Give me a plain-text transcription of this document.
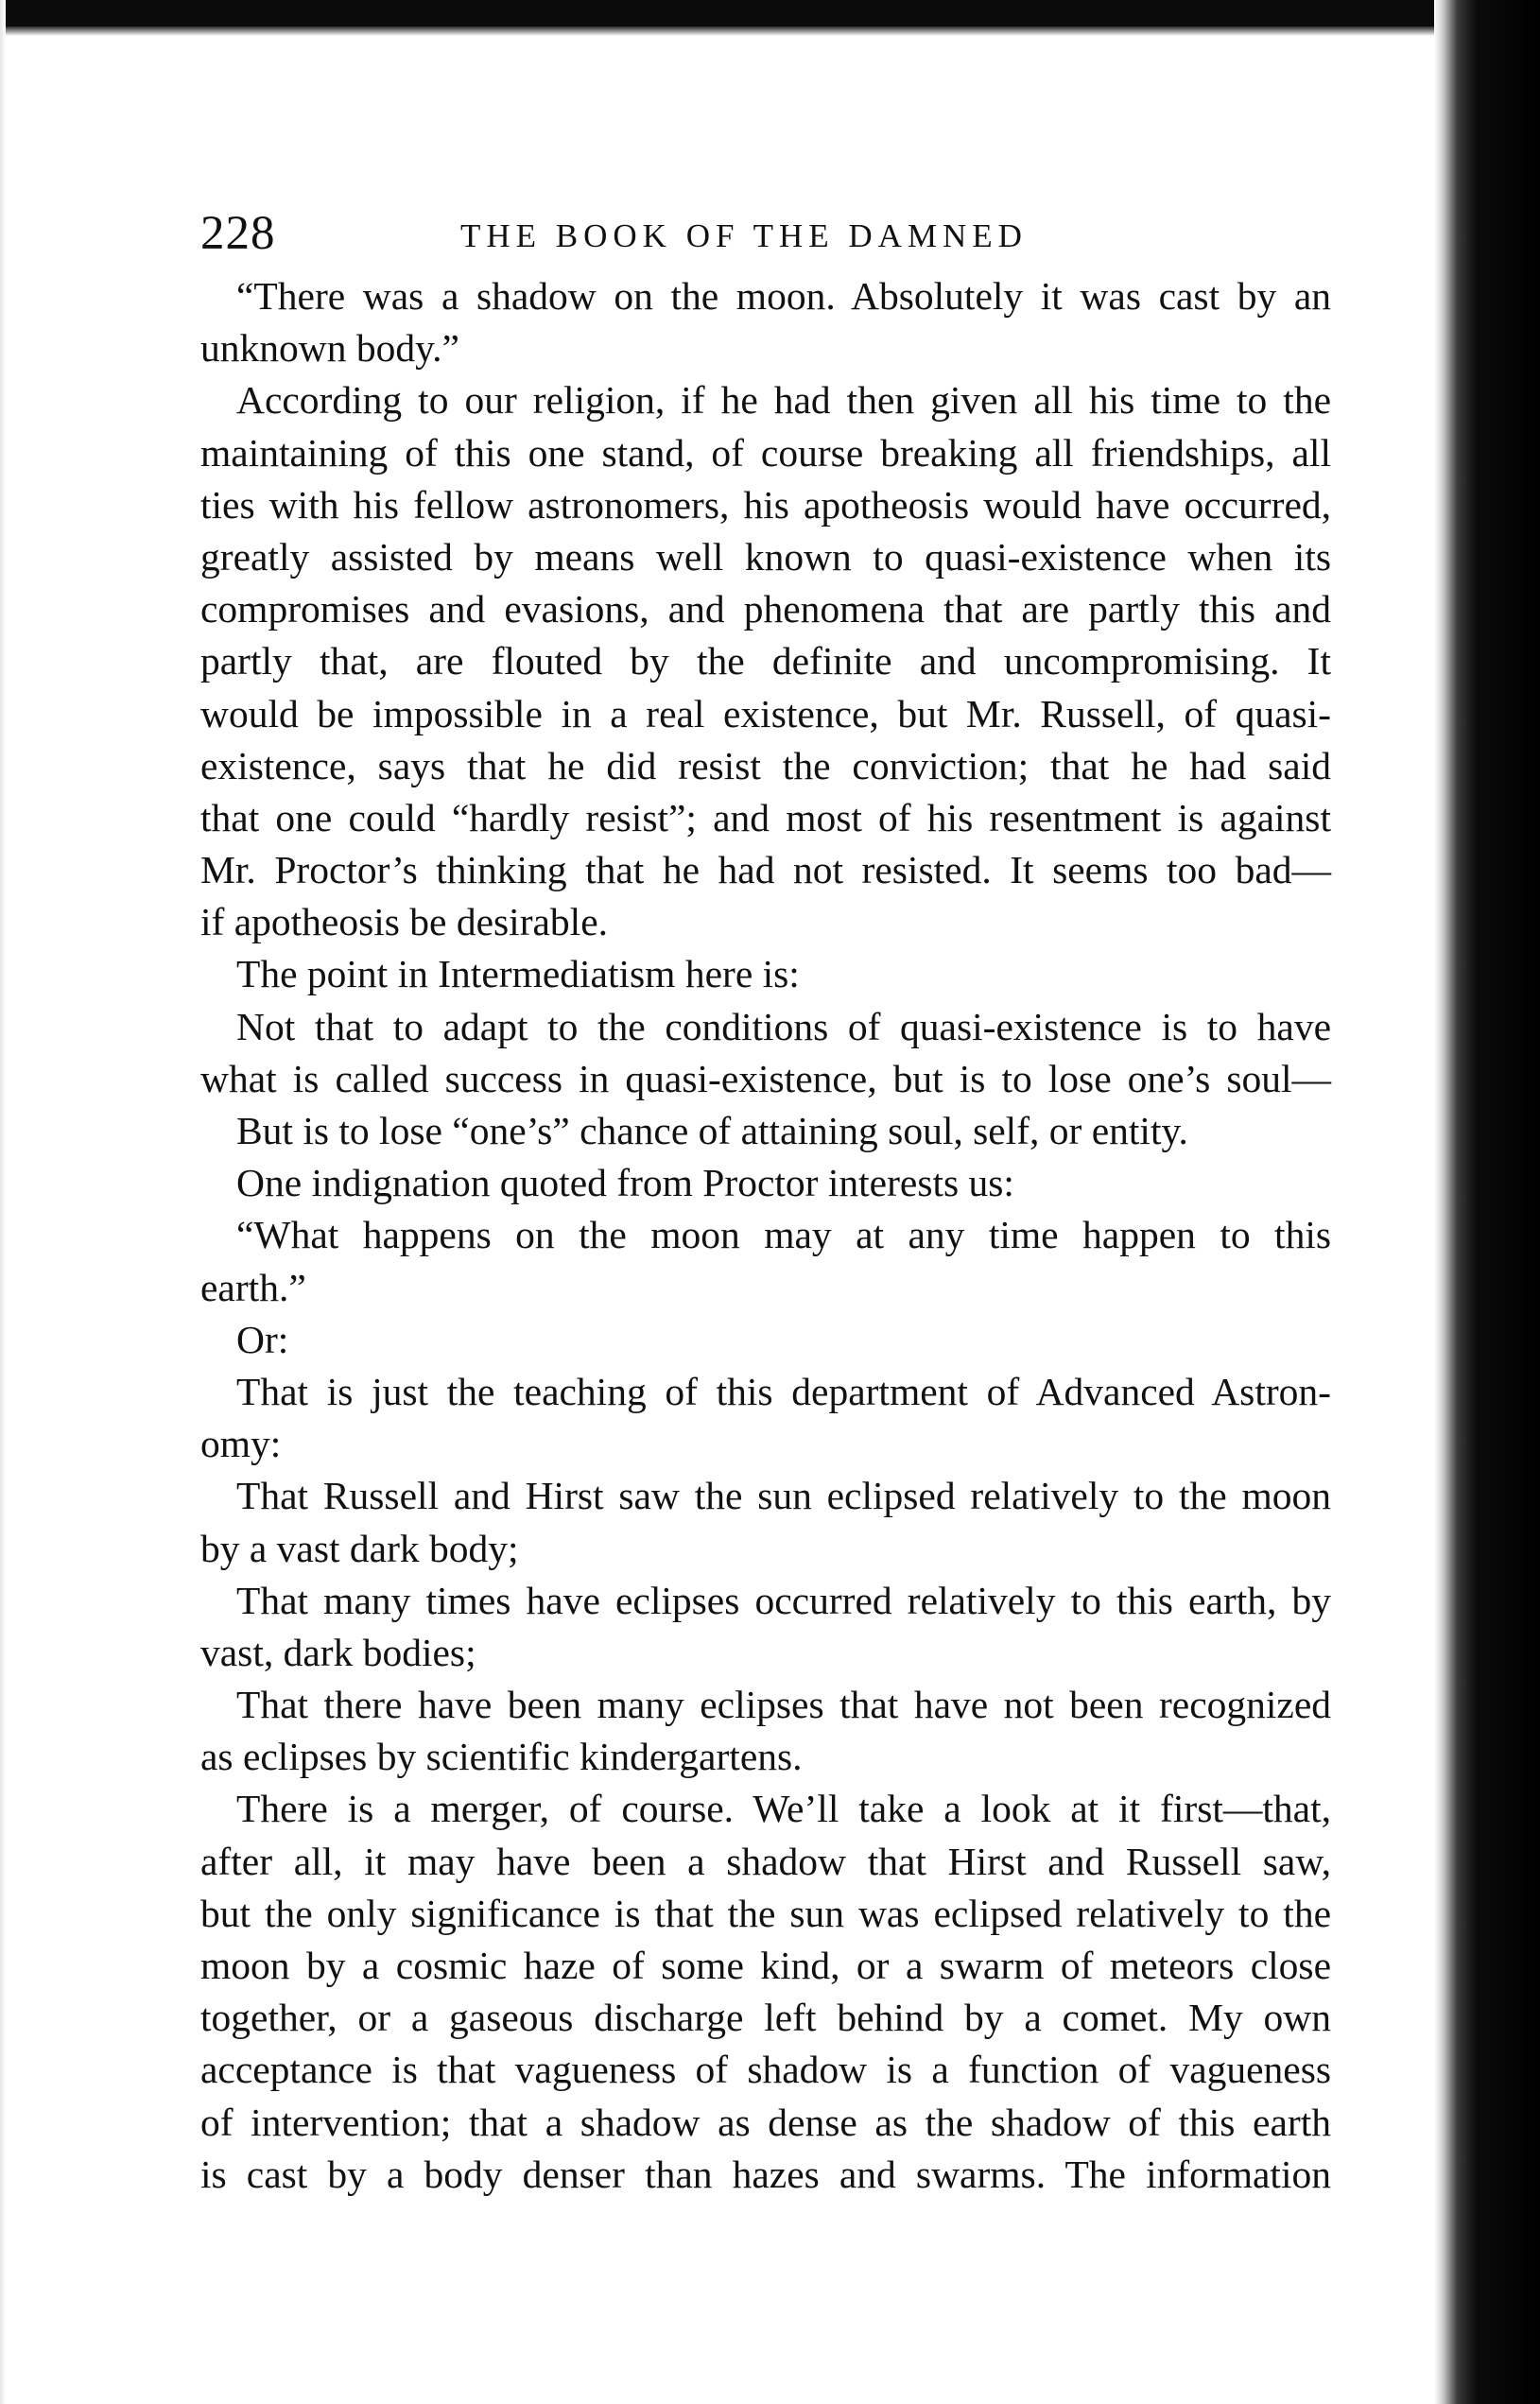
228	THE BOOK OF THE DAMNED
“There was a shadow on the moon. Absolutely it was cast by an
unknown body.”
According to our religion, if he had then given all his time to the
maintaining of this one stand, of course breaking all friendships, all
ties with his fellow astronomers, his apotheosis would have occurred,
greatly assisted by means well known to quasi-existence when its
compromises and evasions, and phenomena that are partly this and
partly that, are flouted by the definite and uncompromising. It
would be impossible in a real existence, but Mr. Russell, of quasi-
existence, says that he did resist the conviction; that he had said
that one could “hardly resist”; and most of his resentment is against
Mr. Proctor’s thinking that he had not resisted. It seems too bad—
if apotheosis be desirable.
The point in Intermediatism here is:
Not that to adapt to the conditions of quasi-existence is to have
what is called success in quasi-existence, but is to lose one’s soul—
But is to lose “one’s” chance of attaining soul, self, or entity.
One indignation quoted from Proctor interests us:
“What happens on the moon may at any time happen to this
earth.”
Or:
That is just the teaching of this department of Advanced Astron-
omy:
That Russell and Hirst saw the sun eclipsed relatively to the moon
by a vast dark body;
That many times have eclipses occurred relatively to this earth, by
vast, dark bodies;
That there have been many eclipses that have not been recognized
as eclipses by scientific kindergartens.
There is a merger, of course. We’ll take a look at it first—that,
after all, it may have been a shadow that Hirst and Russell saw,
but the only significance is that the sun was eclipsed relatively to the
moon by a cosmic haze of some kind, or a swarm of meteors close
together, or a gaseous discharge left behind by a comet. My own
acceptance is that vagueness of shadow is a function of vagueness
of intervention; that a shadow as dense as the shadow of this earth
is cast by a body denser than hazes and swarms. The information
